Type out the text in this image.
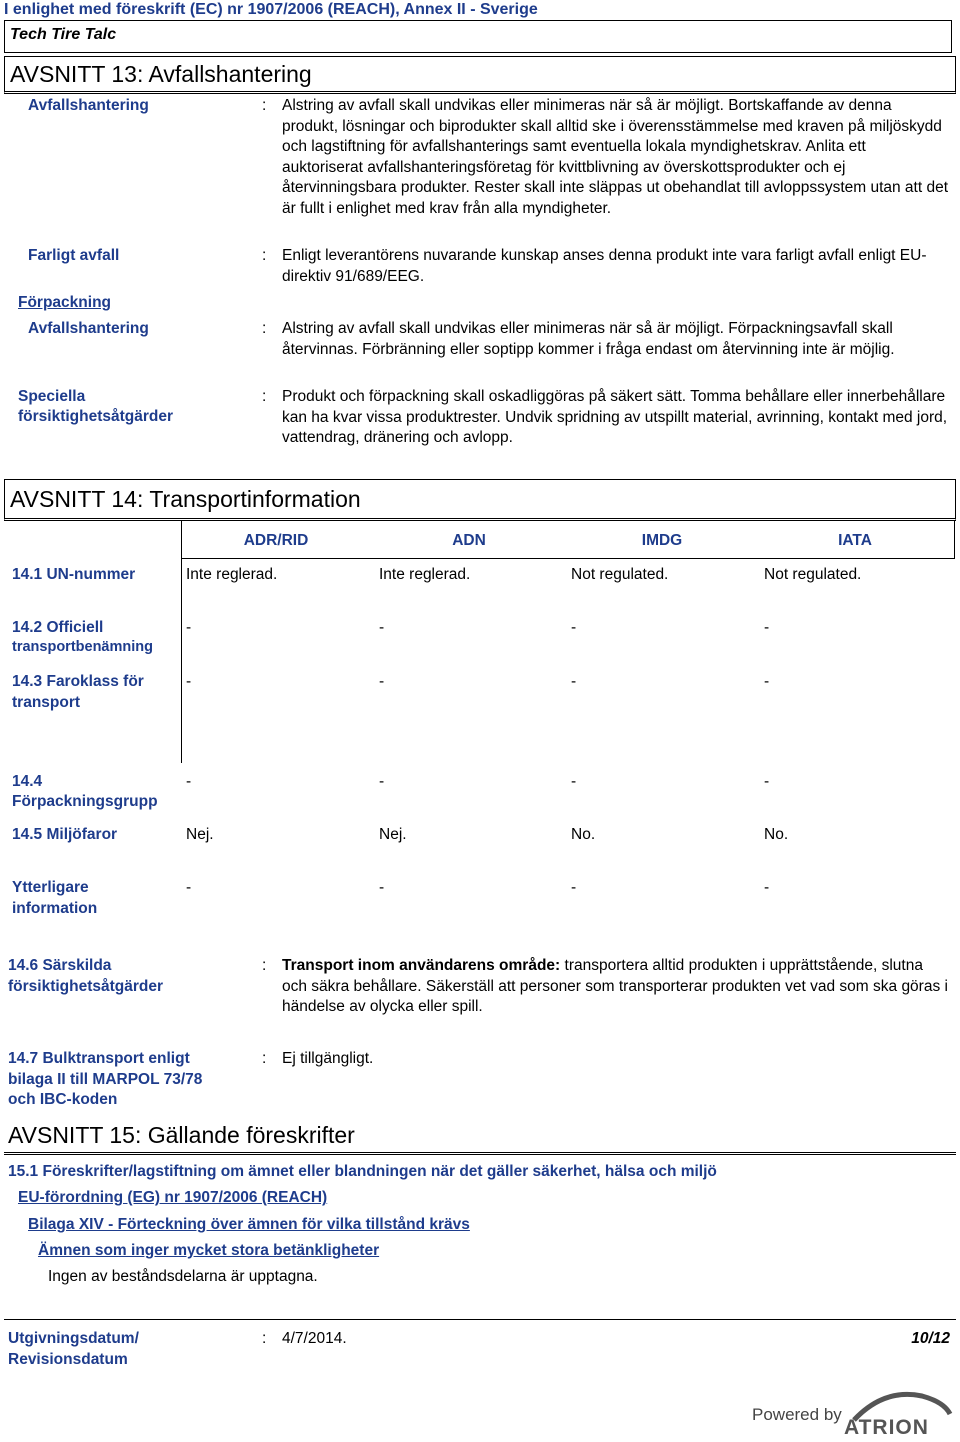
I enlighet med föreskrift (EC) nr 1907/2006 (REACH), Annex II - Sverige
Tech Tire Talc
AVSNITT 13: Avfallshantering
Avfallshantering	: Alstring av avfall skall undvikas eller minimeras när så är möjligt. Bortskaffande av denna produkt, lösningar och biprodukter skall alltid ske i överensstämmelse med kraven på miljöskydd och lagstiftning för avfallshanterings samt eventuella lokala myndighetskrav. Anlita ett auktoriserat avfallshanteringsföretag för kvittblivning av överskottsprodukter och ej återvinningsbara produkter. Rester skall inte släppas ut obehandlat till avloppssystem utan att det är fullt i enlighet med krav från alla myndigheter.
Farligt avfall	: Enligt leverantörens nuvarande kunskap anses denna produkt inte vara farligt avfall enligt EU-direktiv 91/689/EEG.
Förpackning
Avfallshantering	: Alstring av avfall skall undvikas eller minimeras när så är möjligt. Förpackningsavfall skall återvinnas. Förbränning eller soptipp kommer i fråga endast om återvinning inte är möjlig.
Speciella
försiktighetsåtgärder
: Produkt och förpackning skall oskadliggöras på säkert sätt. Tomma behållare eller innerbehållare kan ha kvar vissa produktrester. Undvik spridning av utspillt material, avrinning, kontakt med jord, vattendrag, dränering och avlopp.
AVSNITT 14: Transportinformation
ADR/RID	ADN	IMDG	IATA
14.1 UN-nummer	Inte reglerad.	Inte reglerad.	Not regulated.	Not regulated.
14.2 Officiell
transportbenämning
-	-	-	-
14.3 Faroklass för
transport
-	-	-	-
14.4
Förpackningsgrupp
-	-	-	-
14.5 Miljöfaror	Nej.	Nej.	No.	No.
Ytterligare
information
-	-	-	-
14.6 Särskilda
försiktighetsåtgärder
: Transport inom användarens område: transportera alltid produkten i upprättstående, slutna och säkra behållare. Säkerställ att personer som transporterar produkten vet vad som ska göras i händelse av olycka eller spill.
14.7 Bulktransport enligt
bilaga II till MARPOL 73/78
och IBC-koden
: Ej tillgängligt.
AVSNITT 15: Gällande föreskrifter
15.1 Föreskrifter/lagstiftning om ämnet eller blandningen när det gäller säkerhet, hälsa och miljö
EU-förordning (EG) nr 1907/2006 (REACH)
Bilaga XIV - Förteckning över ämnen för vilka tillstånd krävs
Ämnen som inger mycket stora betänkligheter
Ingen av beståndsdelarna är upptagna.
Utgivningsdatum/
Revisionsdatum
: 4/7/2014.	10/12
Powered by
ATRION
